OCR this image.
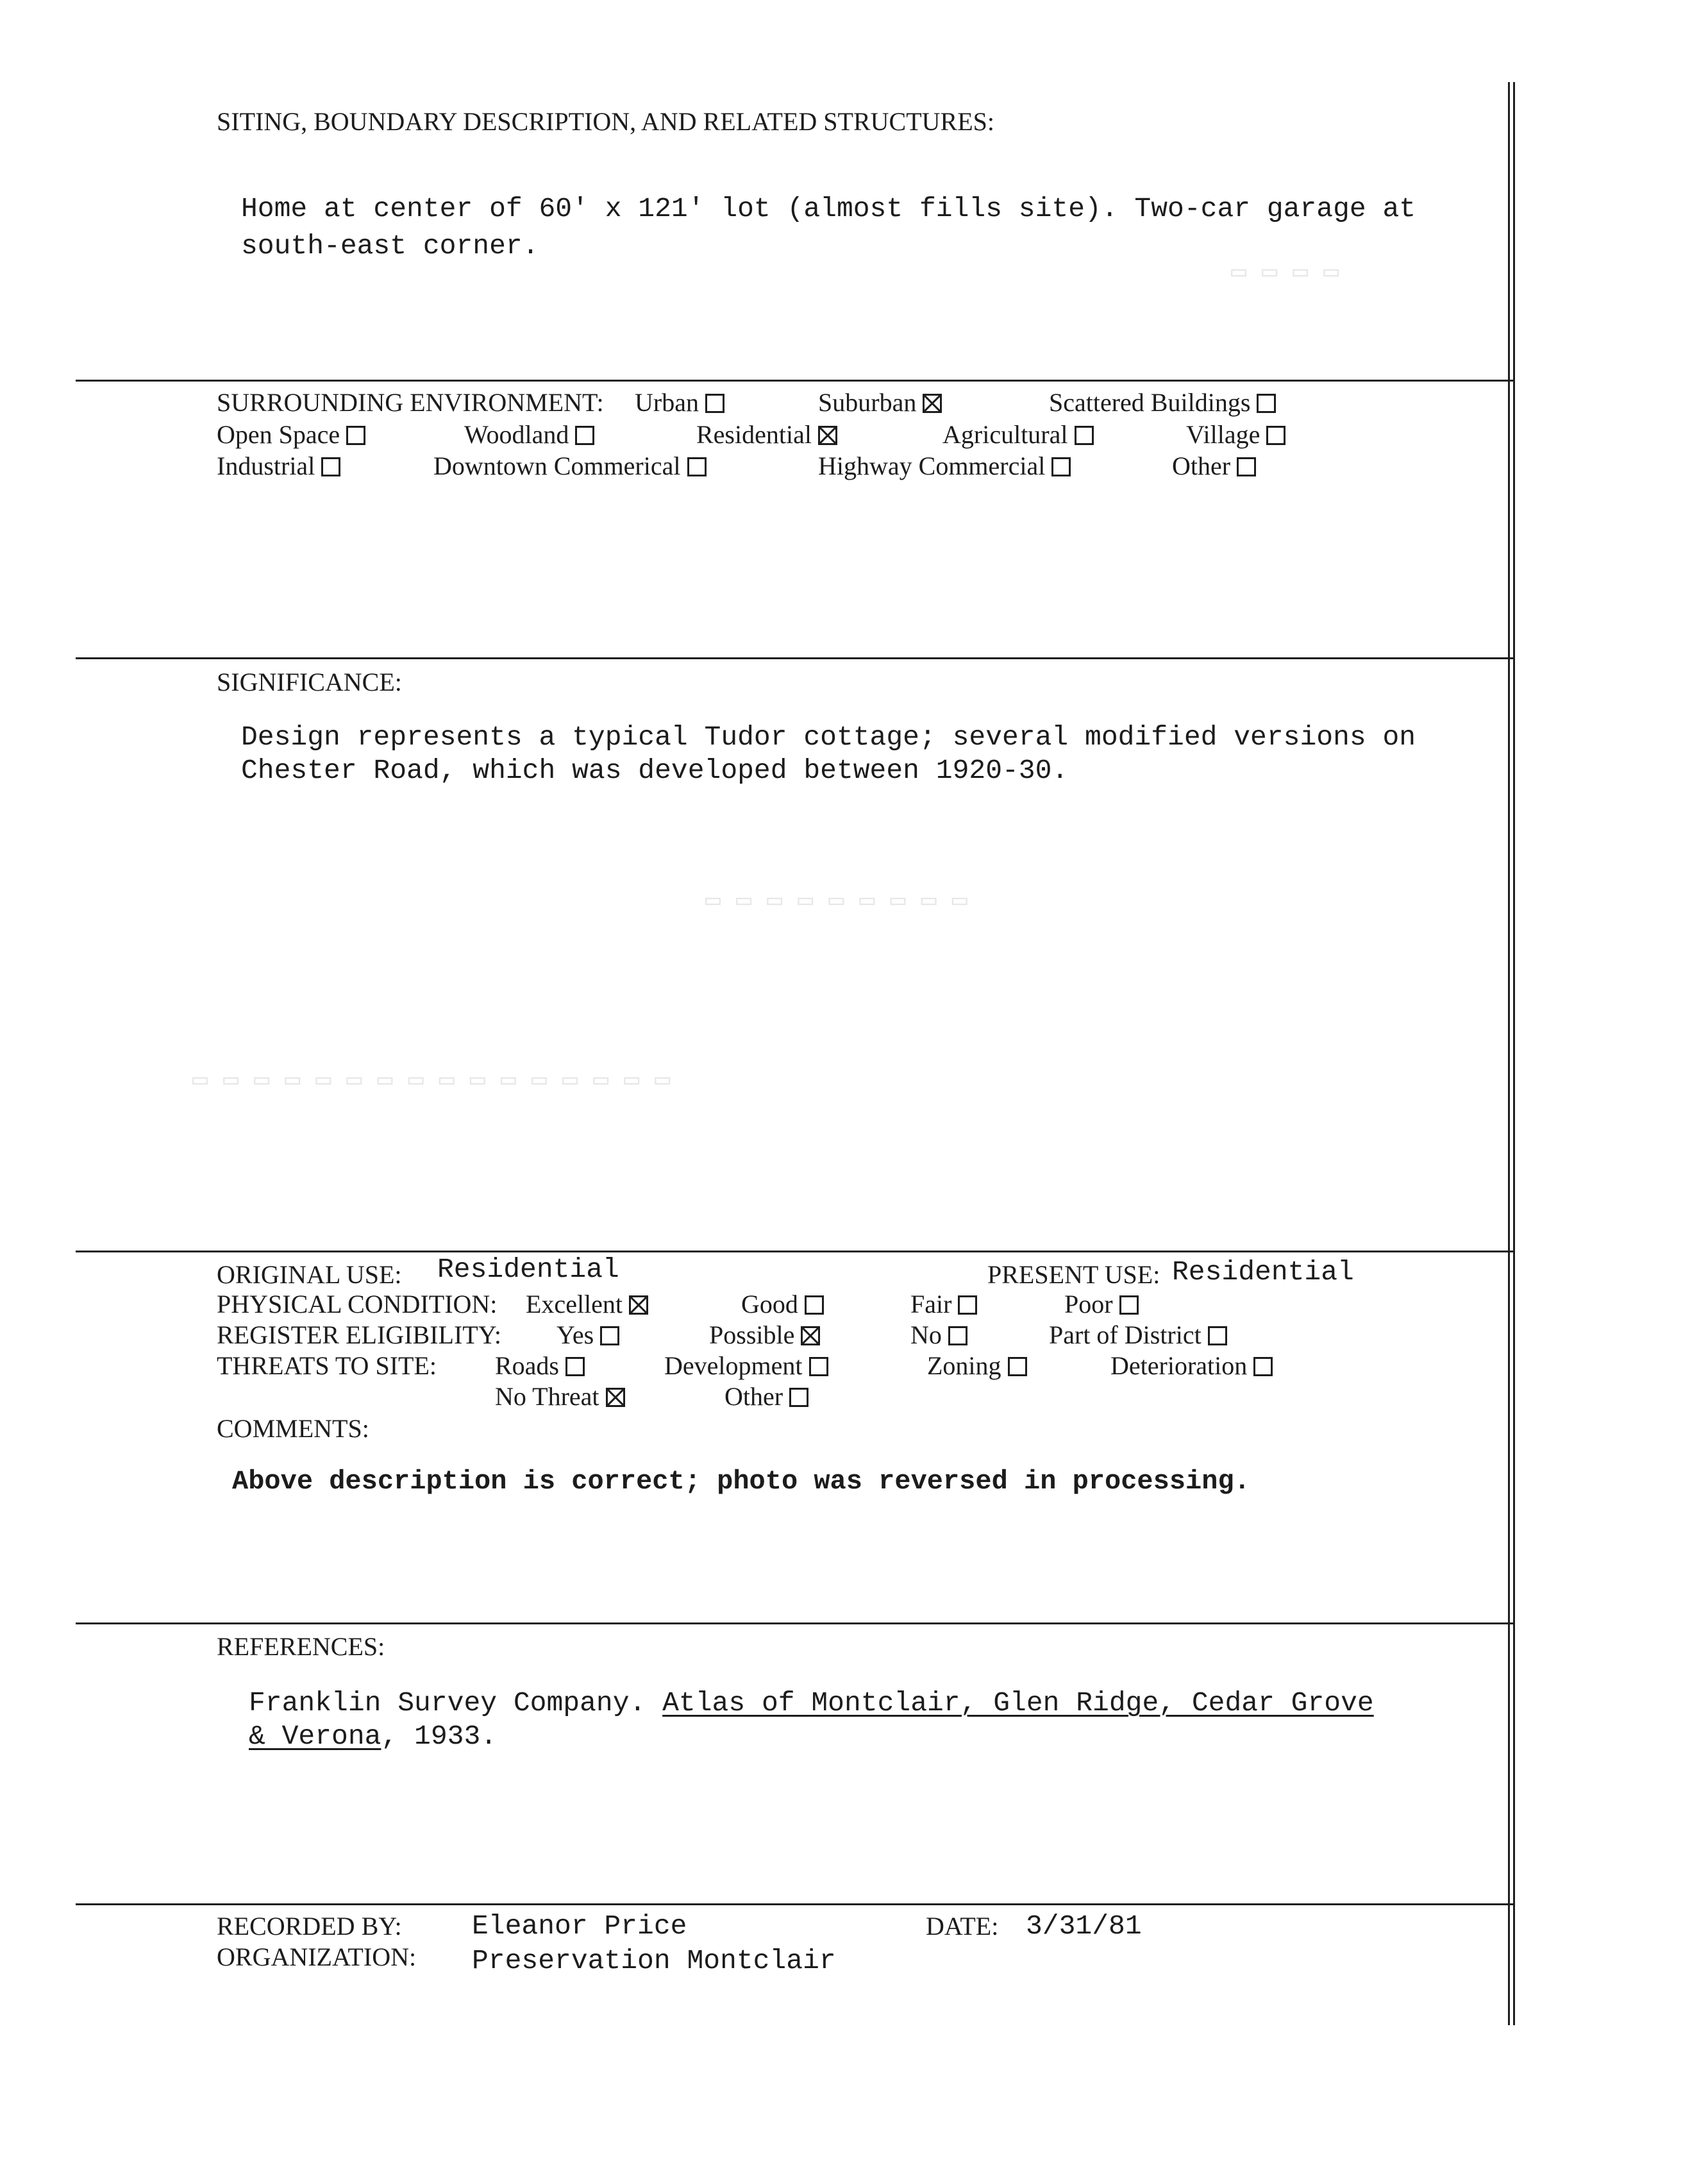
▭ ▭ ▭ ▭
▭ ▭ ▭ ▭ ▭ ▭ ▭ ▭ ▭
▭ ▭ ▭ ▭ ▭ ▭ ▭ ▭ ▭ ▭ ▭ ▭ ▭ ▭ ▭ ▭
SITING, BOUNDARY DESCRIPTION, AND RELATED STRUCTURES:
Home at center of 60' x 121' lot (almost fills site). Two-car garage at
south-east corner.
SURROUNDING ENVIRONMENT: Urban	Suburban	Scattered Buildings
Open Space	Woodland	Residential	Agricultural	Village
Industrial	Downtown Commerical	Highway Commercial	Other
SIGNIFICANCE:
Design represents a typical Tudor cottage; several modified versions on
Chester Road, which was developed between 1920-30.
ORIGINAL USE: Residential	PRESENT USE: Residential
PHYSICAL CONDITION: Excellent	Good	Fair	Poor
REGISTER ELIGIBILITY: Yes	Possible	No	Part of District
THREATS TO SITE: Roads	Development	Zoning	Deterioration
No Threat	Other
COMMENTS:
Above description is correct; photo was reversed in processing.
REFERENCES:
Franklin Survey Company. Atlas of Montclair, Glen Ridge, Cedar Grove
& Verona, 1933.
RECORDED BY:	Eleanor Price	DATE: 3/31/81
ORGANIZATION: Preservation Montclair
